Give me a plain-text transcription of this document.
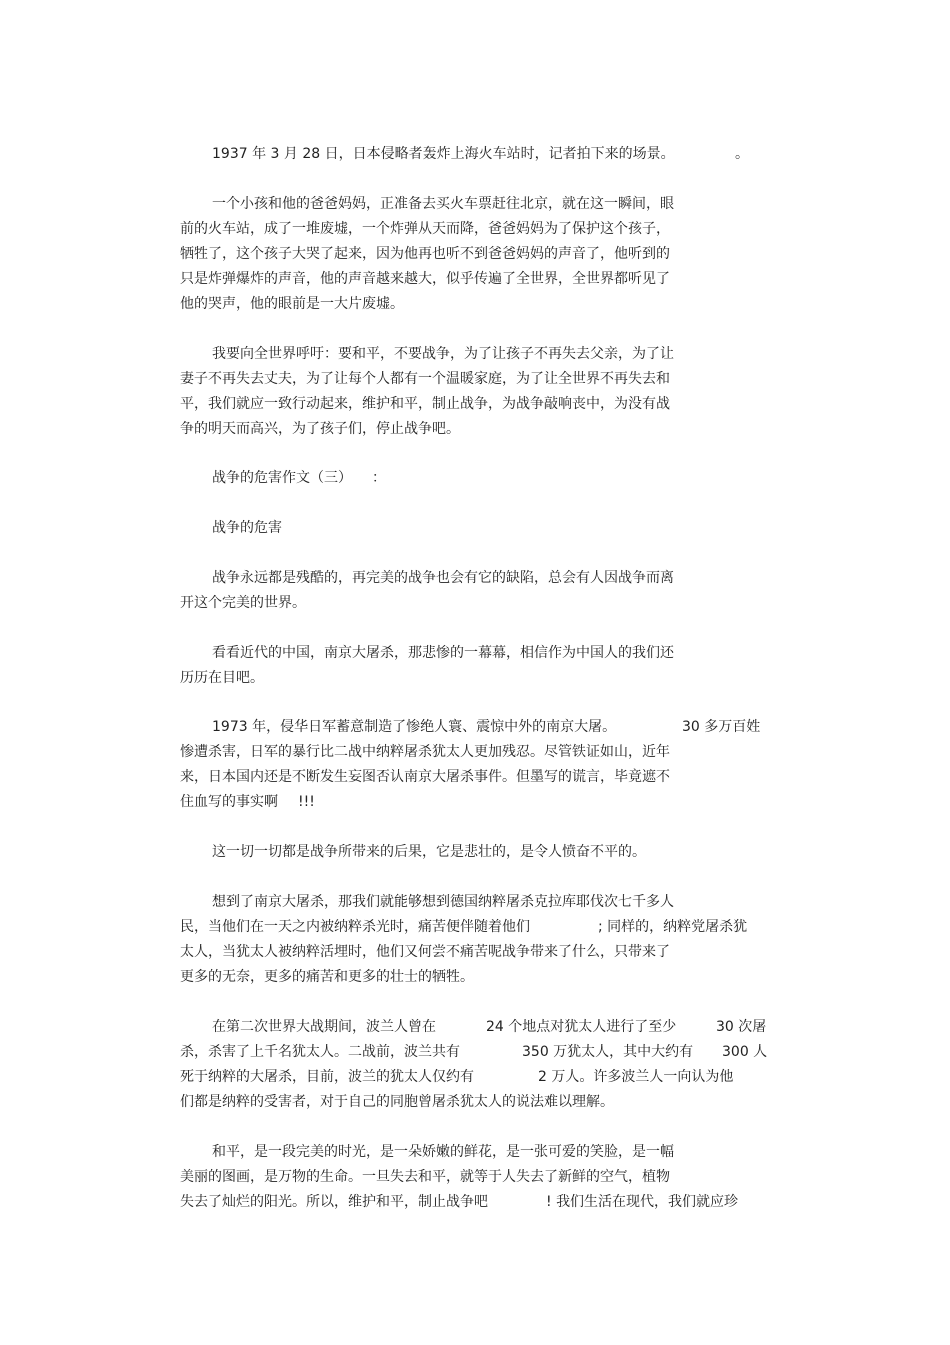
1937 年 3 月 28 日，日本侵略者轰炸上海火车站时，记者拍下来的场景。	。
一个小孩和他的爸爸妈妈，正准备去买火车票赶往北京，就在这一瞬间，眼
前的火车站，成了一堆废墟，一个炸弹从天而降，爸爸妈妈为了保护这个孩子，
牺牲了，这个孩子大哭了起来，因为他再也听不到爸爸妈妈的声音了，他听到的
只是炸弹爆炸的声音，他的声音越来越大，似乎传遍了全世界，全世界都听见了
他的哭声，他的眼前是一大片废墟。
我要向全世界呼吁：要和平，不要战争，为了让孩子不再失去父亲，为了让
妻子不再失去丈夫，为了让每个人都有一个温暖家庭，为了让全世界不再失去和
平，我们就应一致行动起来，维护和平，制止战争，为战争敲响丧中，为没有战
争的明天而高兴，为了孩子们，停止战争吧。
战争的危害作文（三） ：
战争的危害
战争永远都是残酷的，再完美的战争也会有它的缺陷，总会有人因战争而离
开这个完美的世界。
看看近代的中国，南京大屠杀，那悲惨的一幕幕，相信作为中国人的我们还
历历在目吧。
1973 年，侵华日军蓄意制造了惨绝人寰、震惊中外的南京大屠。	30 多万百姓
惨遭杀害，日军的暴行比二战中纳粹屠杀犹太人更加残忍。尽管铁证如山，近年
来，日本国内还是不断发生妄图否认南京大屠杀事件。但墨写的谎言，毕竟遮不
住血写的事实啊 !!!
这一切一切都是战争所带来的后果，它是悲壮的，是令人愤奋不平的。
想到了南京大屠杀，那我们就能够想到德国纳粹屠杀克拉库耶伐次七千多人
民，当他们在一天之内被纳粹杀光时，痛苦便伴随着他们	; 同样的，纳粹党屠杀犹
太人，当犹太人被纳粹活埋时，他们又何尝不痛苦呢战争带来了什么，只带来了
更多的无奈，更多的痛苦和更多的壮士的牺牲。
在第二次世界大战期间，波兰人曾在	24 个地点对犹太人进行了至少	30 次屠
杀，杀害了上千名犹太人。二战前，波兰共有	350 万犹太人，其中大约有 300 人
死于纳粹的大屠杀，目前，波兰的犹太人仅约有	2 万人。许多波兰人一向认为他
们都是纳粹的受害者，对于自己的同胞曾屠杀犹太人的说法难以理解。
和平，是一段完美的时光，是一朵娇嫩的鲜花，是一张可爱的笑脸，是一幅
美丽的图画，是万物的生命。一旦失去和平，就等于人失去了新鲜的空气，植物
失去了灿烂的阳光。所以，维护和平，制止战争吧	! 我们生活在现代，我们就应珍
